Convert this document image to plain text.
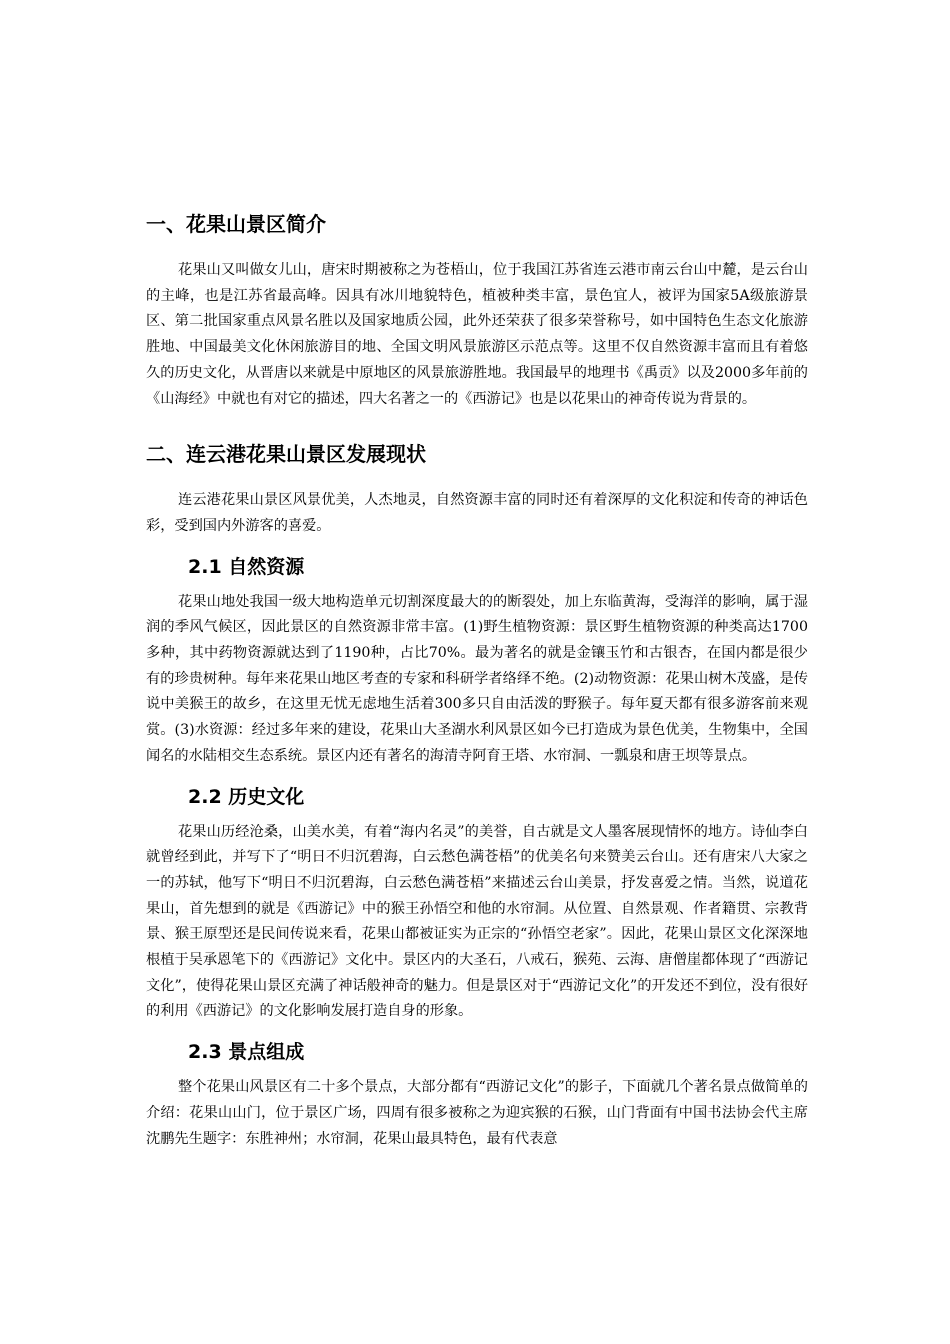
一、花果山景区简介

花果山又叫做女儿山，唐宋时期被称之为苍梧山，位于我国江苏省连云港市南云台山中麓，是云台山的主峰，也是江苏省最高峰。因具有冰川地貌特色，植被种类丰富，景色宜人，被评为国家5A级旅游景区、第二批国家重点风景名胜以及国家地质公园，此外还荣获了很多荣誉称号，如中国特色生态文化旅游胜地、中国最美文化休闲旅游目的地、全国文明风景旅游区示范点等。这里不仅自然资源丰富而且有着悠久的历史文化，从晋唐以来就是中原地区的风景旅游胜地。我国最早的地理书《禹贡》以及2000多年前的《山海经》中就也有对它的描述，四大名著之一的《西游记》也是以花果山的神奇传说为背景的。

二、连云港花果山景区发展现状

连云港花果山景区风景优美，人杰地灵，自然资源丰富的同时还有着深厚的文化积淀和传奇的神话色彩，受到国内外游客的喜爱。

2.1 自然资源

花果山地处我国一级大地构造单元切割深度最大的的断裂处，加上东临黄海，受海洋的影响，属于湿润的季风气候区，因此景区的自然资源非常丰富。(1)野生植物资源：景区野生植物资源的种类高达1700多种，其中药物资源就达到了1190种，占比70%。最为著名的就是金镶玉竹和古银杏，在国内都是很少有的珍贵树种。每年来花果山地区考查的专家和科研学者络绎不绝。(2)动物资源：花果山树木茂盛，是传说中美猴王的故乡，在这里无忧无虑地生活着300多只自由活泼的野猴子。每年夏天都有很多游客前来观赏。(3)水资源：经过多年来的建设，花果山大圣湖水利风景区如今已打造成为景色优美，生物集中，全国闻名的水陆相交生态系统。景区内还有著名的海清寺阿育王塔、水帘洞、一瓢泉和唐王坝等景点。

2.2 历史文化

花果山历经沧桑，山美水美，有着“海内名灵”的美誉，自古就是文人墨客展现情怀的地方。诗仙李白就曾经到此，并写下了“明日不归沉碧海，白云愁色满苍梧”的优美名句来赞美云台山。还有唐宋八大家之一的苏轼，他写下“明日不归沉碧海，白云愁色满苍梧”来描述云台山美景，抒发喜爱之情。当然，说道花果山，首先想到的就是《西游记》中的猴王孙悟空和他的水帘洞。从位置、自然景观、作者籍贯、宗教背景、猴王原型还是民间传说来看，花果山都被证实为正宗的“孙悟空老家”。因此，花果山景区文化深深地根植于吴承恩笔下的《西游记》文化中。景区内的大圣石，八戒石，猴苑、云海、唐僧崖都体现了“西游记文化”，使得花果山景区充满了神话般神奇的魅力。但是景区对于“西游记文化”的开发还不到位，没有很好的利用《西游记》的文化影响发展打造自身的形象。

2.3 景点组成

整个花果山风景区有二十多个景点，大部分都有“西游记文化”的影子，下面就几个著名景点做简单的介绍：花果山山门，位于景区广场，四周有很多被称之为迎宾猴的石猴，山门背面有中国书法协会代主席沈鹏先生题字：东胜神州；水帘洞，花果山最具特色，最有代表意
